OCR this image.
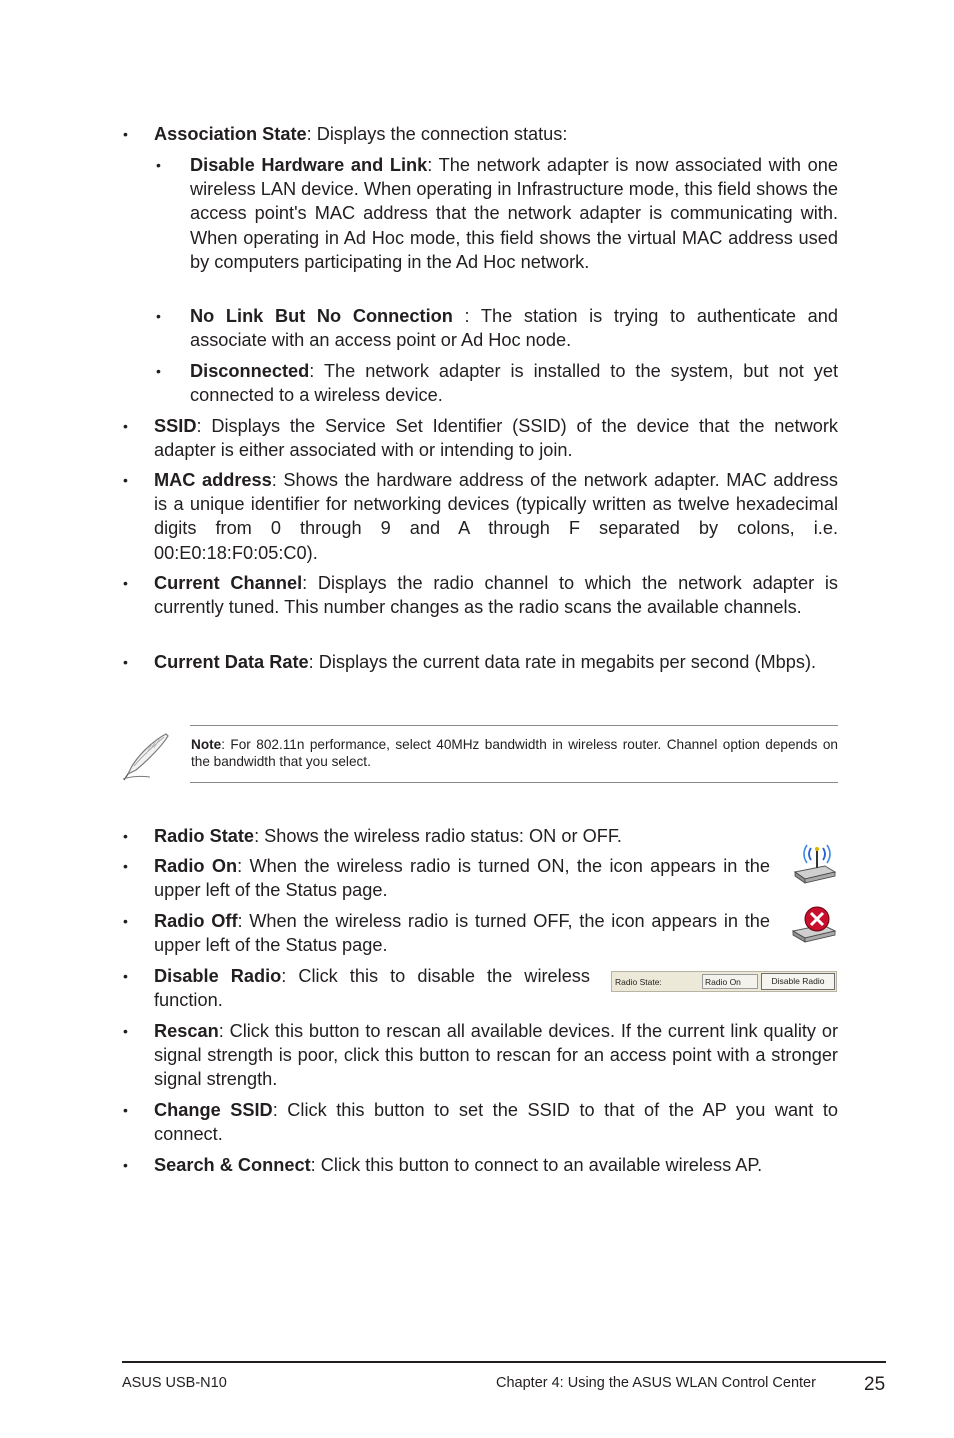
• Association State: Displays the connection status:
• Disable Hardware and Link: The network adapter is now associated with one wireless LAN device. When operating in Infrastructure mode, this field shows the access point's MAC address that the network adapter is communicating with. When operating in Ad Hoc mode, this field shows the virtual MAC address used by computers participating in the Ad Hoc network.
• No Link But No Connection : The station is trying to authenticate and associate with an access point or Ad Hoc node.
• Disconnected: The network adapter is installed to the system, but not yet connected to a wireless device.
• SSID: Displays the Service Set Identifier (SSID) of the device that the network adapter is either associated with or intending to join.
• MAC address: Shows the hardware address of the network adapter. MAC address is a unique identifier for networking devices (typically written as twelve hexadecimal digits from 0 through 9 and A through F separated by colons, i.e. 00:E0:18:F0:05:C0).
• Current Channel: Displays the radio channel to which the network adapter is currently tuned. This number changes as the radio scans the available channels.
• Current Data Rate: Displays the current data rate in megabits per second (Mbps).
Note: For 802.11n performance, select 40MHz bandwidth in wireless router. Channel option depends on the bandwidth that you select.
• Radio State: Shows the wireless radio status: ON or OFF.
• Radio On: When the wireless radio is turned ON, the icon appears in the upper left of the Status page.
• Radio Off: When the wireless radio is turned OFF, the icon appears in the upper left of the Status page.
• Disable Radio: Click this to disable the wireless function.
Radio State:	Radio On	Disable Radio
• Rescan: Click this button to rescan all available devices. If the current link quality or signal strength is poor, click this button to rescan for an access point with a stronger signal strength.
• Change SSID: Click this button to set the SSID to that of the AP you want to connect.
• Search & Connect: Click this button to connect to an available wireless AP.
ASUS USB-N10	Chapter 4: Using the ASUS WLAN Control Center	25
